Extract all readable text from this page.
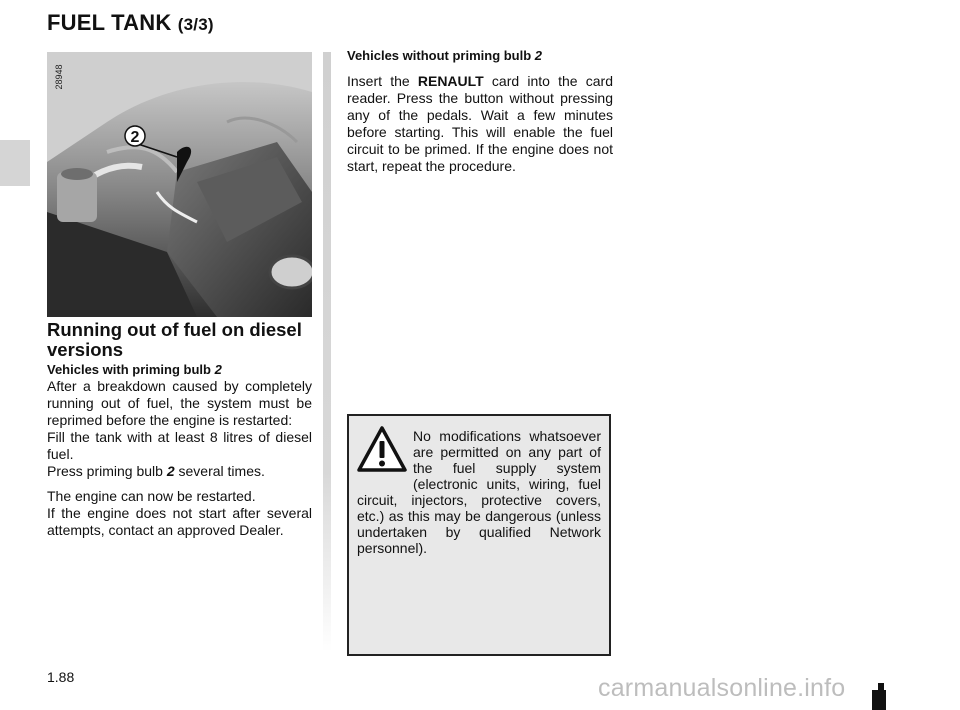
FUEL TANK (3/3)
2
28948
Running out of fuel on diesel versions

Vehicles with priming bulb 2

After a breakdown caused by completely running out of fuel, the system must be reprimed before the engine is restarted:

Fill the tank with at least 8 litres of diesel fuel.

Press priming bulb 2 several times.

The engine can now be restarted.

If the engine does not start after several attempts, contact an approved Dealer.

Vehicles without priming bulb 2

Insert the RENAULT card into the card reader. Press the button without pressing any of the pedals. Wait a few minutes before starting. This will enable the fuel circuit to be primed. If the engine does not start, repeat the procedure.

No modifications whatsoever are permitted on any part of the fuel supply system (electronic units, wiring, fuel circuit, injectors, protective covers, etc.) as this may be dangerous (unless undertaken by qualified Network personnel).
1.88	carmanualsonline.info
